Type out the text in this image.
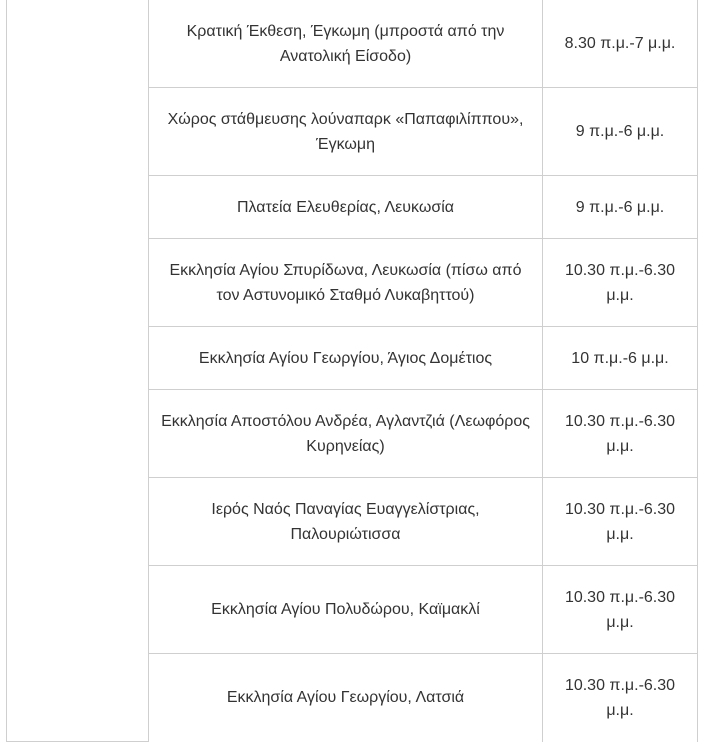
	Κρατική Έκθεση, Έγκωμη (μπροστά από την Ανατολική Είσοδο)	8.30 π.μ.-7 μ.μ.
	Χώρος στάθμευσης λούναπαρκ «Παπαφιλίππου», Έγκωμη	9 π.μ.-6 μ.μ.
	Πλατεία Ελευθερίας, Λευκωσία	9 π.μ.-6 μ.μ.
	Εκκλησία Αγίου Σπυρίδωνα, Λευκωσία (πίσω από τον Αστυνομικό Σταθμό Λυκαβηττού)	10.30 π.μ.-6.30 μ.μ.
	Εκκλησία Αγίου Γεωργίου, Άγιος Δομέτιος	10 π.μ.-6 μ.μ.
	Εκκλησία Αποστόλου Ανδρέα, Αγλαντζιά (Λεωφόρος Κυρηνείας)	10.30 π.μ.-6.30 μ.μ.
	Ιερός Ναός Παναγίας Ευαγγελίστριας, Παλουριώτισσα	10.30 π.μ.-6.30 μ.μ.
	Εκκλησία Αγίου Πολυδώρου, Καϊμακλί	10.30 π.μ.-6.30 μ.μ.
	Εκκλησία Αγίου Γεωργίου, Λατσιά	10.30 π.μ.-6.30 μ.μ.
